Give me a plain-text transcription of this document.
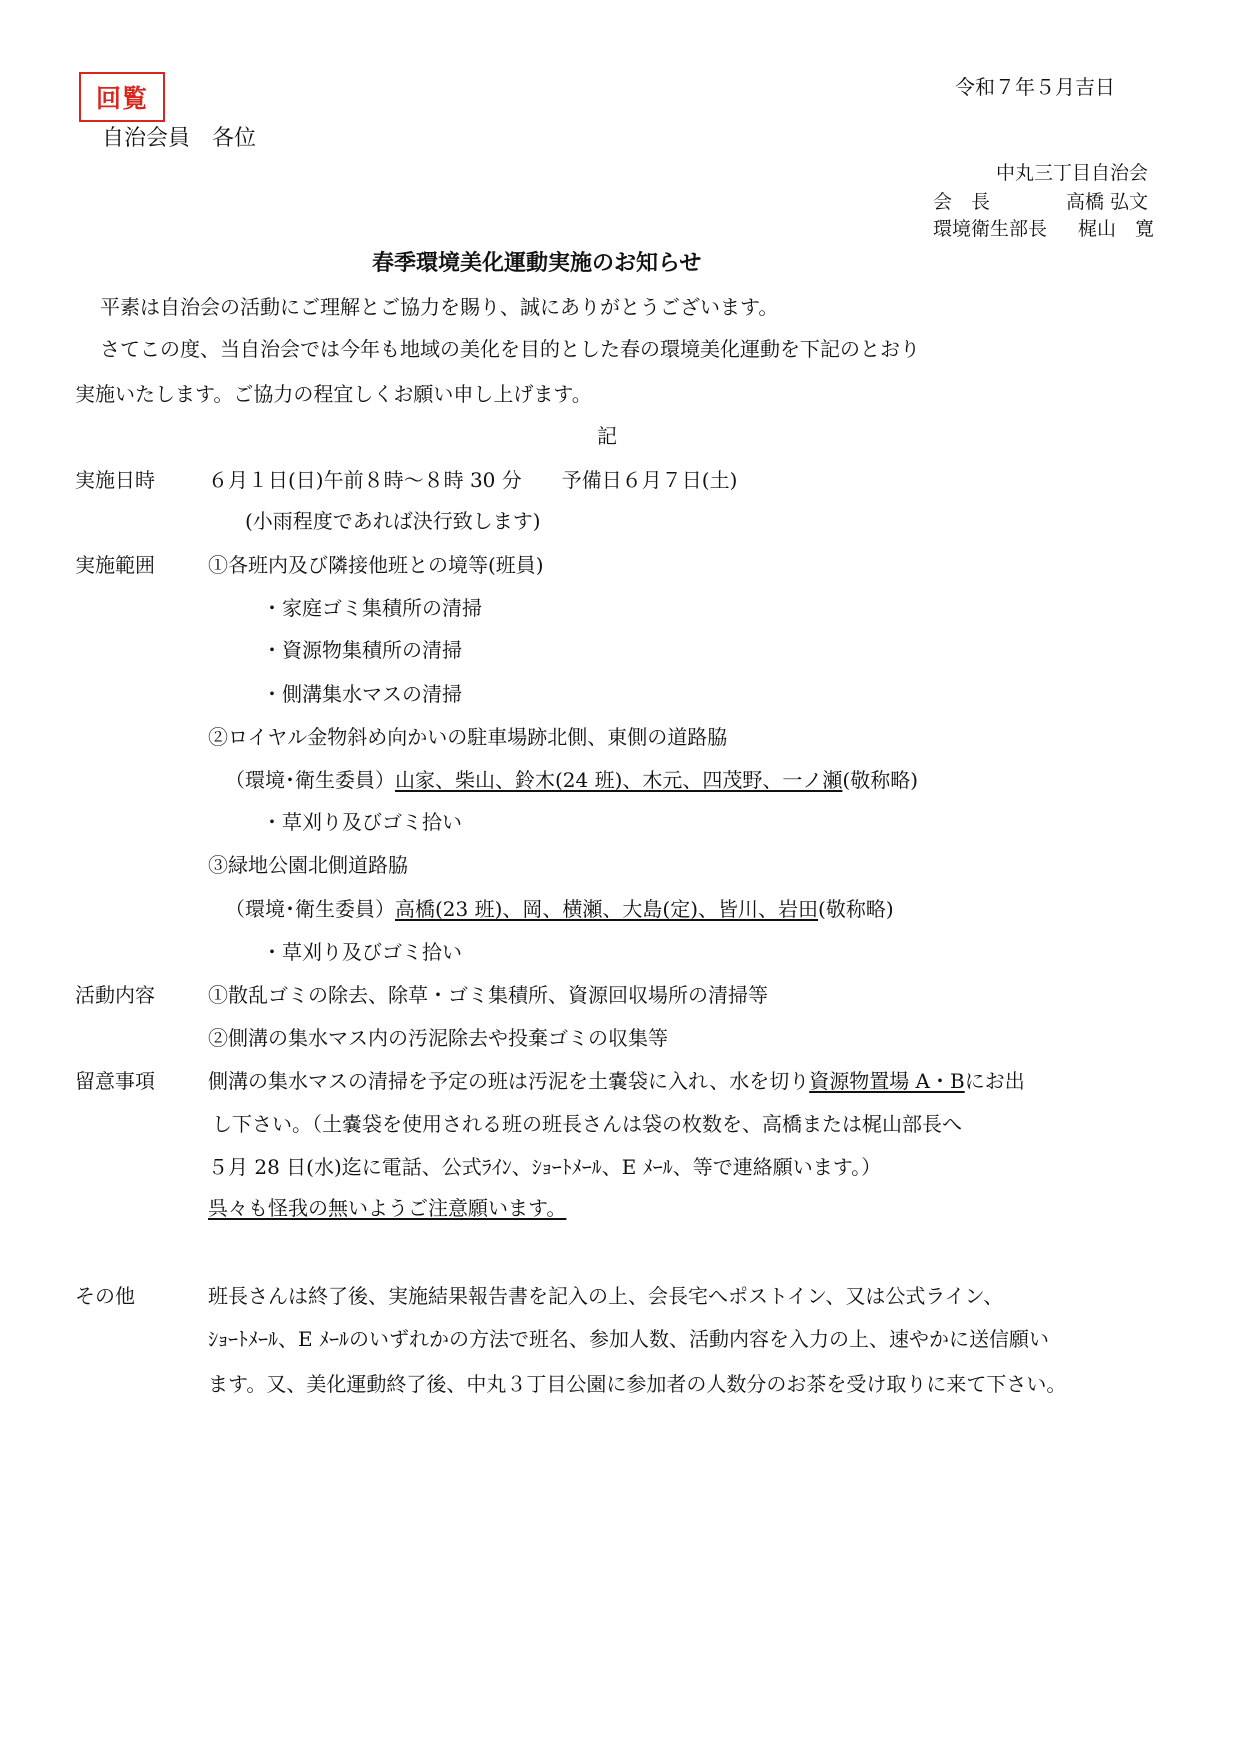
回覧	令和７年５月吉日
自治会員　各位
中丸三丁目自治会
会　長	高橋 弘文
環境衛生部長 梶山　寛
春季環境美化運動実施のお知らせ
平素は自治会の活動にご理解とご協力を賜り、誠にありがとうございます。
さてこの度、当自治会では今年も地域の美化を目的とした春の環境美化運動を下記のとおり
実施いたします。ご協力の程宜しくお願い申し上げます。
記
実施日時	６月１日(日)午前８時～８時 30 分　　予備日６月７日(土)
(小雨程度であれば決行致します)
実施範囲	①各班内及び隣接他班との境等(班員)
・家庭ゴミ集積所の清掃
・資源物集積所の清掃
・側溝集水マスの清掃
②ロイヤル金物斜め向かいの駐車場跡北側、東側の道路脇
（環境･衛生委員）山家、柴山、鈴木(24 班)、木元、四茂野、一ノ瀬(敬称略)
・草刈り及びゴミ拾い
③緑地公園北側道路脇
（環境･衛生委員）高橋(23 班)、岡、横瀬、大島(定)、皆川、岩田(敬称略)
・草刈り及びゴミ拾い
活動内容	①散乱ゴミの除去、除草・ゴミ集積所、資源回収場所の清掃等
②側溝の集水マス内の汚泥除去や投棄ゴミの収集等
留意事項	側溝の集水マスの清掃を予定の班は汚泥を土嚢袋に入れ、水を切り資源物置場 A・Bにお出
し下さい。（土嚢袋を使用される班の班長さんは袋の枚数を、高橋または梶山部長へ
５月 28 日(水)迄に電話、公式ﾗｲﾝ、ｼｮｰﾄﾒｰﾙ、E ﾒｰﾙ、等で連絡願います。）
呉々も怪我の無いようご注意願います。
その他	班長さんは終了後、実施結果報告書を記入の上、会長宅へポストイン、又は公式ライン、
ｼｮｰﾄﾒｰﾙ、E ﾒｰﾙのいずれかの方法で班名、参加人数、活動内容を入力の上、速やかに送信願い
ます。又、美化運動終了後、中丸３丁目公園に参加者の人数分のお茶を受け取りに来て下さい。
